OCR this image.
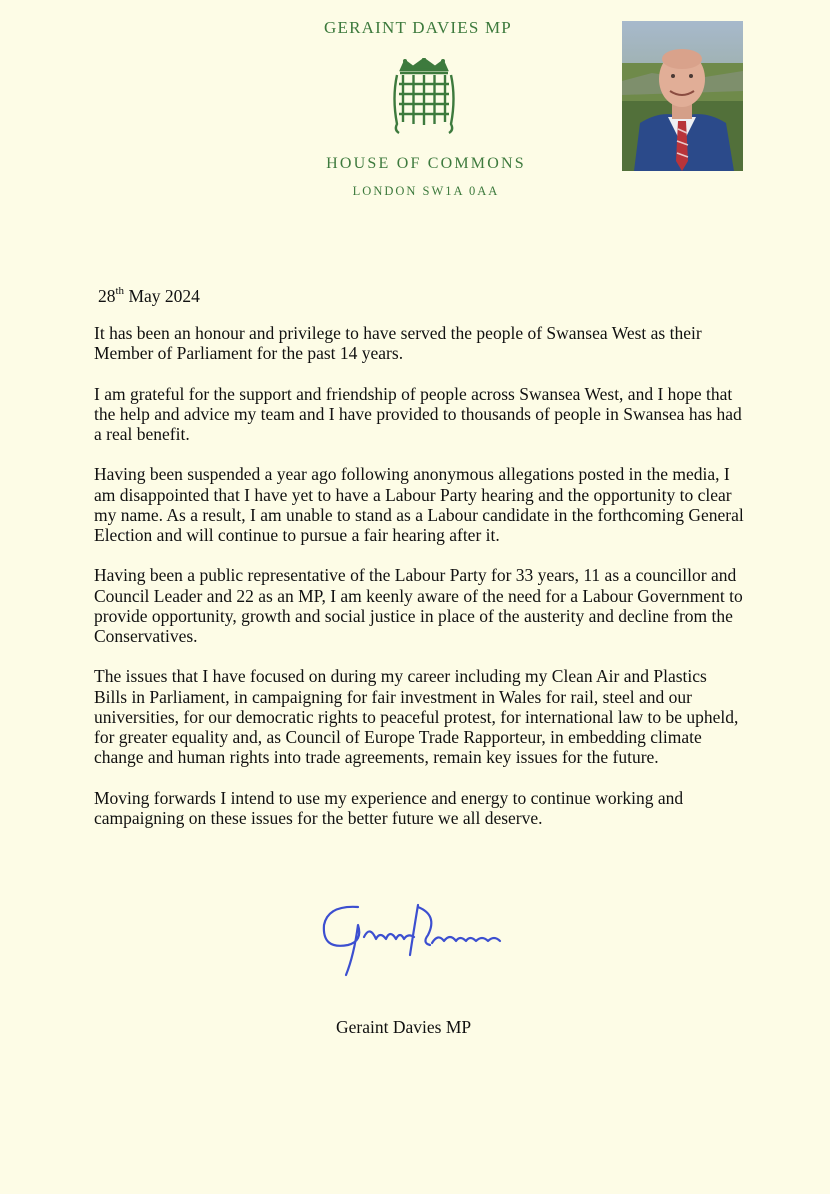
GERAINT DAVIES MP
HOUSE OF COMMONS
LONDON SW1A 0AA
28th May 2024

It has been an honour and privilege to have served the people of Swansea West as their Member of Parliament for the past 14 years.

I am grateful for the support and friendship of people across Swansea West, and I hope that the help and advice my team and I have provided to thousands of people in Swansea has had a real benefit.

Having been suspended a year ago following anonymous allegations posted in the media, I am disappointed that I have yet to have a Labour Party hearing and the opportunity to clear my name. As a result, I am unable to stand as a Labour candidate in the forthcoming General Election and will continue to pursue a fair hearing after it.

Having been a public representative of the Labour Party for 33 years, 11 as a councillor and Council Leader and 22 as an MP, I am keenly aware of the need for a Labour Government to provide opportunity, growth and social justice in place of the austerity and decline from the Conservatives.

The issues that I have focused on during my career including my Clean Air and Plastics Bills in Parliament, in campaigning for fair investment in Wales for rail, steel and our universities, for our democratic rights to peaceful protest, for international law to be upheld, for greater equality and, as Council of Europe Trade Rapporteur, in embedding climate change and human rights into trade agreements, remain key issues for the future.

Moving forwards I intend to use my experience and energy to continue working and campaigning on these issues for the better future we all deserve.

Geraint Davies MP
